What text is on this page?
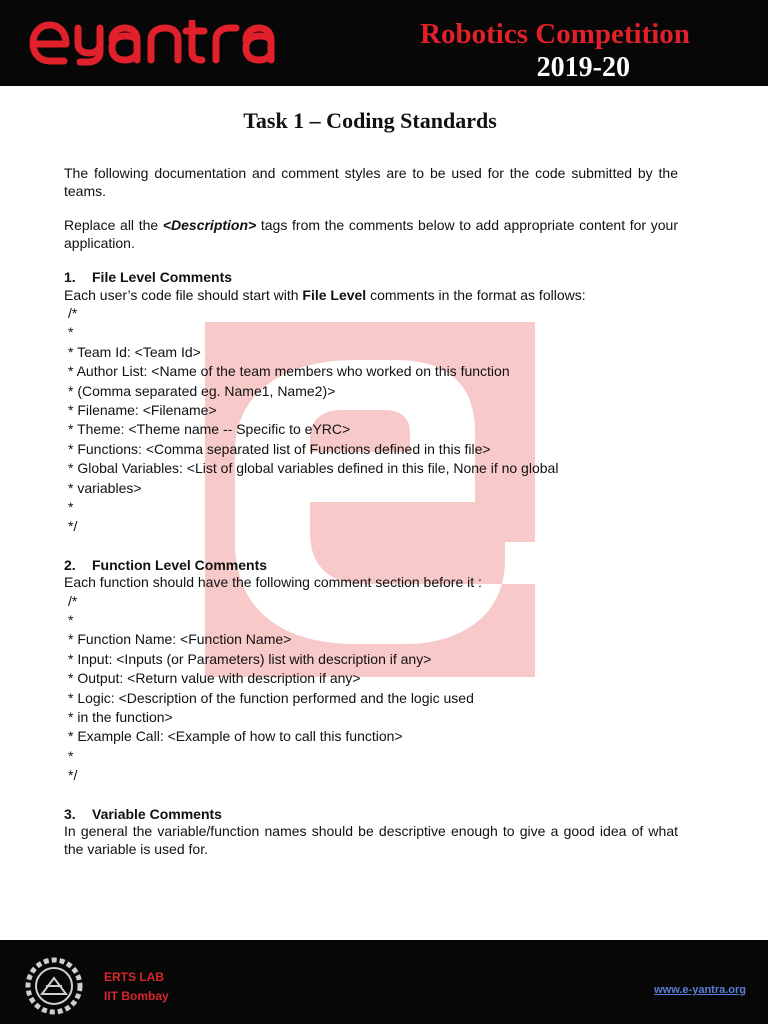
Robotics Competition
2019-20
Task 1 – Coding Standards

The following documentation and comment styles are to be used for the code submitted by the teams.

Replace all the <Description> tags from the comments below to add appropriate content for your application.

1. File Level Comments
Each user’s code file should start with File Level comments in the format as follows:
/*
*
* Team Id: <Team Id>
* Author List: <Name of the team members who worked on this function
* (Comma separated eg. Name1, Name2)>
* Filename: <Filename>
* Theme: <Theme name -- Specific to eYRC>
* Functions: <Comma separated list of Functions defined in this file>
* Global Variables: <List of global variables defined in this file, None if no global
* variables>
*
*/
2. Function Level Comments
Each function should have the following comment section before it :
/*
*
* Function Name: <Function Name>
* Input: <Inputs (or Parameters) list with description if any>
* Output: <Return value with description if any>
* Logic: <Description of the function performed and the logic used
* in the function>
* Example Call: <Example of how to call this function>
*
*/
3. Variable Comments
In general the variable/function names should be descriptive enough to give a good idea of what the variable is used for.
ERTS LAB
IIT Bombay	www.e-yantra.org
